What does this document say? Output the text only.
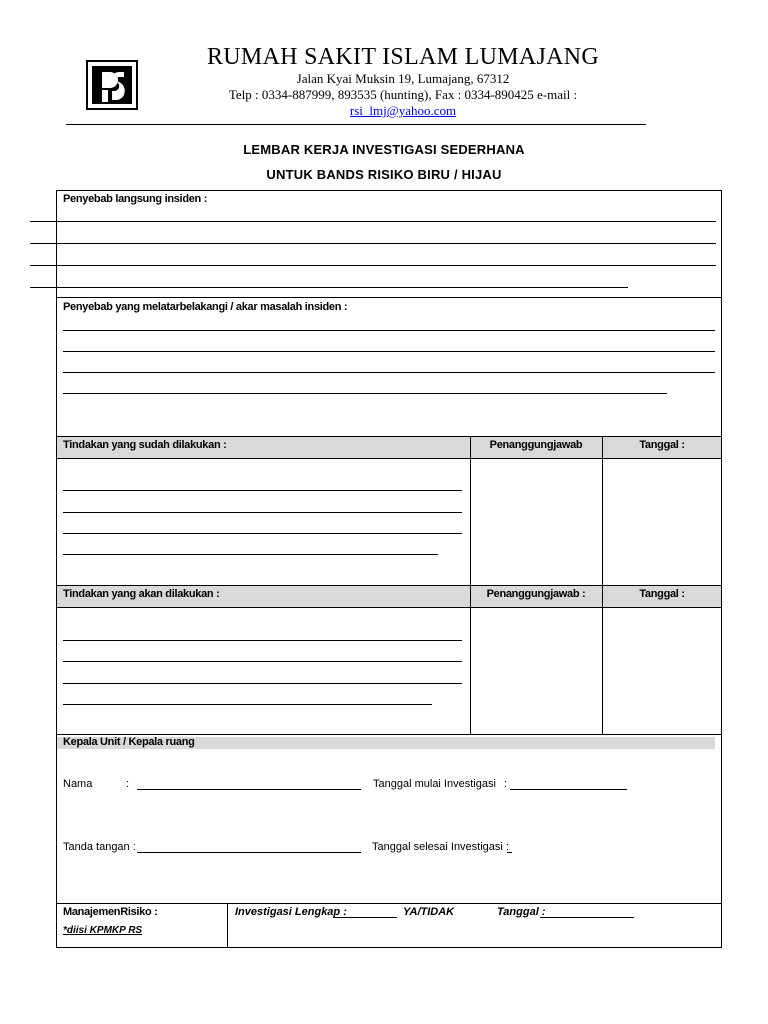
RUMAH SAKIT ISLAM LUMAJANG
Jalan Kyai Muksin 19, Lumajang, 67312
Telp : 0334-887999, 893535 (hunting), Fax : 0334-890425 e-mail :
rsi_lmj@yahoo.com
LEMBAR KERJA INVESTIGASI SEDERHANA
UNTUK BANDS RISIKO BIRU / HIJAU
Penyebab langsung insiden :
Penyebab yang melatarbelakangi / akar masalah insiden :
Tindakan yang sudah dilakukan :	Penanggungjawab	Tanggal :
Tindakan yang akan dilakukan :	Penanggungjawab :	Tanggal :
Kepala Unit / Kepala ruang
Nama	:	Tanggal mulai Investigasi :
Tanda tangan :	Tanggal selesai Investigasi :
ManajemenRisiko :
*diisi KPMKP RS
Investigasi Lengkap :	YA/TIDAK	Tanggal :
